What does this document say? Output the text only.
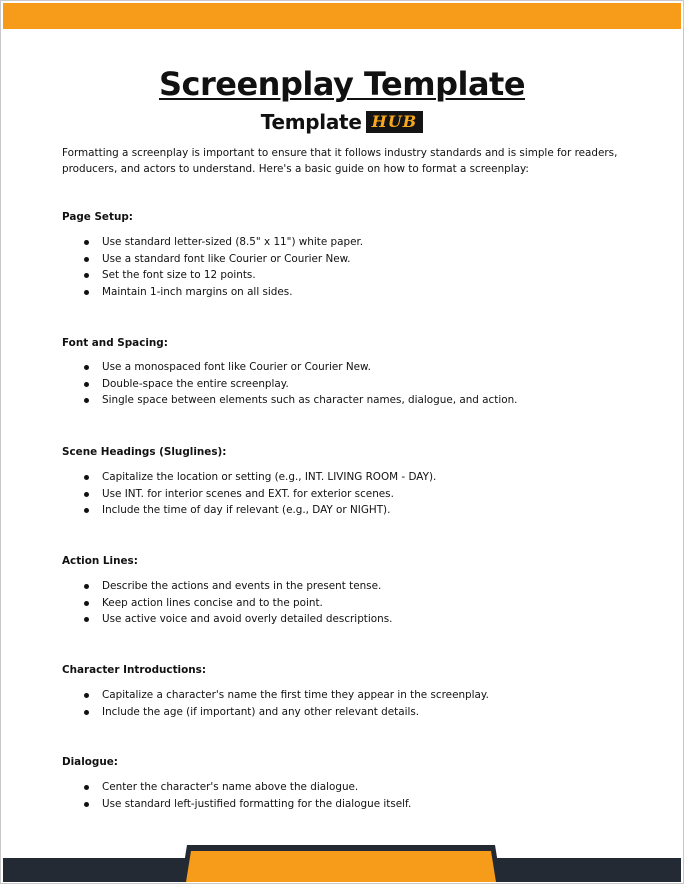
Screenplay Template
Template HUB

Formatting a screenplay is important to ensure that it follows industry standards and is simple for readers, producers, and actors to understand. Here's a basic guide on how to format a screenplay:

Page Setup:
Use standard letter-sized (8.5" x 11") white paper.
Use a standard font like Courier or Courier New.
Set the font size to 12 points.
Maintain 1-inch margins on all sides.
Font and Spacing:
Use a monospaced font like Courier or Courier New.
Double-space the entire screenplay.
Single space between elements such as character names, dialogue, and action.
Scene Headings (Sluglines):
Capitalize the location or setting (e.g., INT. LIVING ROOM - DAY).
Use INT. for interior scenes and EXT. for exterior scenes.
Include the time of day if relevant (e.g., DAY or NIGHT).
Action Lines:
Describe the actions and events in the present tense.
Keep action lines concise and to the point.
Use active voice and avoid overly detailed descriptions.
Character Introductions:
Capitalize a character's name the first time they appear in the screenplay.
Include the age (if important) and any other relevant details.
Dialogue:
Center the character's name above the dialogue.
Use standard left-justified formatting for the dialogue itself.
